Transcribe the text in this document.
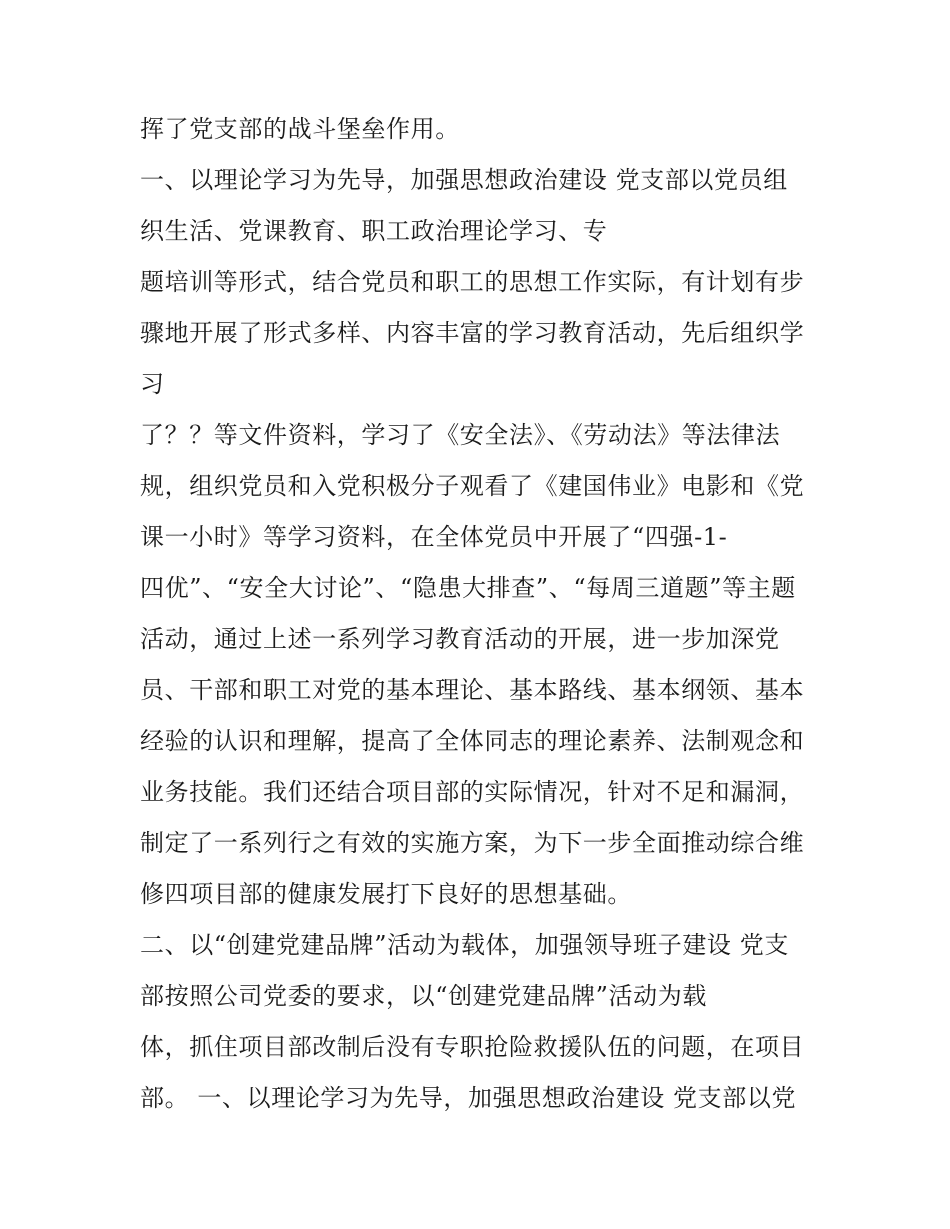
挥了党支部的战斗堡垒作用。
一、以理论学习为先导，加强思想政治建设 党支部以党员组
织生活、党课教育、职工政治理论学习、专
题培训等形式，结合党员和职工的思想工作实际，有计划有步
骤地开展了形式多样、内容丰富的学习教育活动，先后组织学
习
了？？等文件资料，学习了《安全法》、《劳动法》等法律法
规，组织党员和入党积极分子观看了《建国伟业》电影和《党
课一小时》等学习资料，在全体党员中开展了“四强-1-
四优”、“安全大讨论”、“隐患大排查”、“每周三道题”等主题
活动，通过上述一系列学习教育活动的开展，进一步加深党
员、干部和职工对党的基本理论、基本路线、基本纲领、基本
经验的认识和理解，提高了全体同志的理论素养、法制观念和
业务技能。我们还结合项目部的实际情况，针对不足和漏洞，
制定了一系列行之有效的实施方案，为下一步全面推动综合维
修四项目部的健康发展打下良好的思想基础。
二、以“创建党建品牌”活动为载体，加强领导班子建设 党支
部按照公司党委的要求，以“创建党建品牌”活动为载
体，抓住项目部改制后没有专职抢险救援队伍的问题，在项目
部。 一、以理论学习为先导，加强思想政治建设 党支部以党
